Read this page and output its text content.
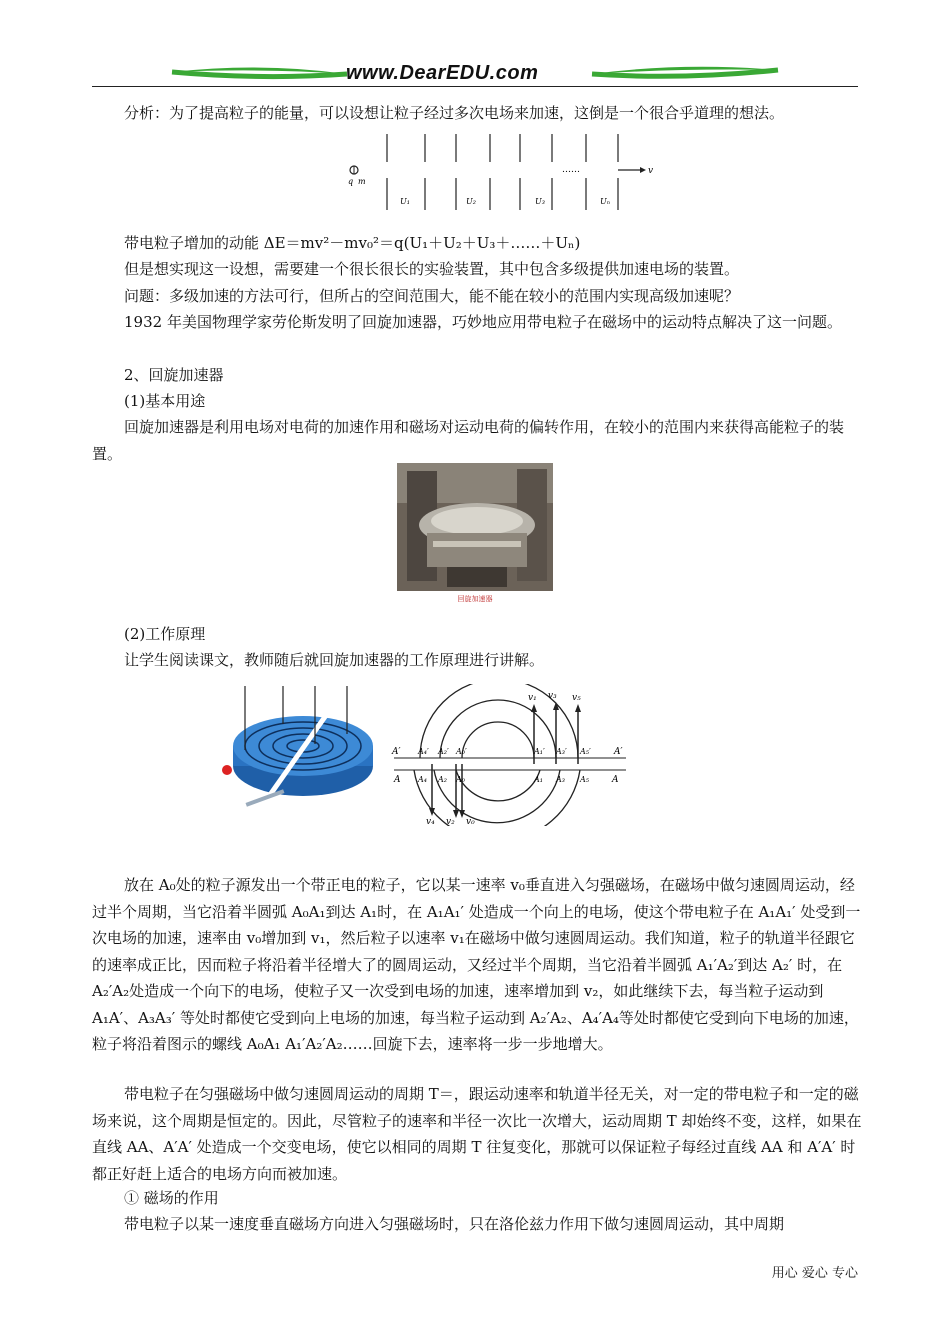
www.DearEDU.com

分析：为了提高粒子的能量，可以设想让粒子经过多次电场来加速，这倒是一个很合乎道理的想法。

q m
……	v
U₁	U₂	U₃	Uₙ

带电粒子增加的动能 ΔE＝mv²－mv₀²＝q(U₁＋U₂＋U₃＋……＋Uₙ)

但是想实现这一设想，需要建一个很长很长的实验装置，其中包含多级提供加速电场的装置。

问题：多级加速的方法可行，但所占的空间范围大，能不能在较小的范围内实现高级加速呢？

1932 年美国物理学家劳伦斯发明了回旋加速器，巧妙地应用带电粒子在磁场中的运动特点解决了这一问题。

2、回旋加速器

(1)基本用途

回旋加速器是利用电场对电荷的加速作用和磁场对运动电荷的偏转作用，在较小的范围内来获得高能粒子的装置。

回旋加速器

(2)工作原理

让学生阅读课文，教师随后就回旋加速器的工作原理进行讲解。

A′ A₄′ A₂′ A₀′	A₁′ A₃′ A₅′	A′
A A₄ A₂ A₀	A₁ A₃ A₅	A
v₁ v₃ v₅
v₄ v₂ v₀

放在 A₀处的粒子源发出一个带正电的粒子，它以某一速率 v₀垂直进入匀强磁场，在磁场中做匀速圆周运动，经过半个周期，当它沿着半圆弧 A₀A₁到达 A₁时，在 A₁A₁′ 处造成一个向上的电场，使这个带电粒子在 A₁A₁′ 处受到一次电场的加速，速率由 v₀增加到 v₁，然后粒子以速率 v₁在磁场中做匀速圆周运动。我们知道，粒子的轨道半径跟它的速率成正比，因而粒子将沿着半径增大了的圆周运动，又经过半个周期，当它沿着半圆弧 A₁′A₂′到达 A₂′ 时，在 A₂′A₂处造成一个向下的电场，使粒子又一次受到电场的加速，速率增加到 v₂，如此继续下去，每当粒子运动到 A₁A′、A₃A₃′ 等处时都使它受到向上电场的加速，每当粒子运动到 A₂′A₂、A₄′A₄等处时都使它受到向下电场的加速，粒子将沿着图示的螺线 A₀A₁ A₁′A₂′A₂……回旋下去，速率将一步一步地增大。

带电粒子在匀强磁场中做匀速圆周运动的周期 T＝，跟运动速率和轨道半径无关，对一定的带电粒子和一定的磁场来说，这个周期是恒定的。因此，尽管粒子的速率和半径一次比一次增大，运动周期 T 却始终不变，这样，如果在直线 AA、A′A′ 处造成一个交变电场，使它以相同的周期 T 往复变化，那就可以保证粒子每经过直线 AA 和 A′A′ 时都正好赶上适合的电场方向而被加速。

① 磁场的作用

带电粒子以某一速度垂直磁场方向进入匀强磁场时，只在洛伦兹力作用下做匀速圆周运动，其中周期

用心 爱心 专心
